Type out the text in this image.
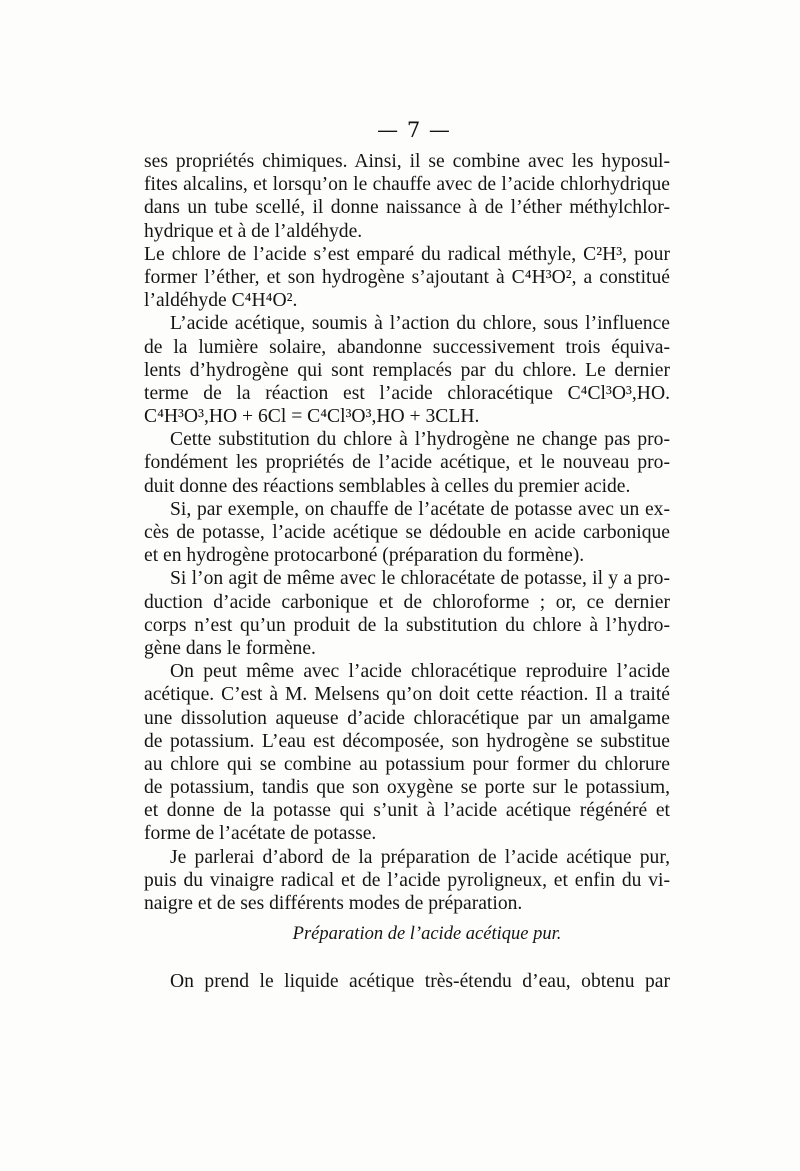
— 7 —
ses propriétés chimiques. Ainsi, il se combine avec les hyposul-
fites alcalins, et lorsqu’on le chauffe avec de l’acide chlorhydrique
dans un tube scellé, il donne naissance à de l’éther méthylchlor-
hydrique et à de l’aldéhyde.
Le chlore de l’acide s’est emparé du radical méthyle, C²H³, pour
former l’éther, et son hydrogène s’ajoutant à C⁴H³O², a constitué
l’aldéhyde C⁴H⁴O².
L’acide acétique, soumis à l’action du chlore, sous l’influence
de la lumière solaire, abandonne successivement trois équiva-
lents d’hydrogène qui sont remplacés par du chlore. Le dernier
terme de la réaction est l’acide chloracétique C⁴Cl³O³,HO.
C⁴H³O³,HO + 6Cl = C⁴Cl³O³,HO + 3CLH.
Cette substitution du chlore à l’hydrogène ne change pas pro-
fondément les propriétés de l’acide acétique, et le nouveau pro-
duit donne des réactions semblables à celles du premier acide.
Si, par exemple, on chauffe de l’acétate de potasse avec un ex-
cès de potasse, l’acide acétique se dédouble en acide carbonique
et en hydrogène protocarboné (préparation du formène).
Si l’on agit de même avec le chloracétate de potasse, il y a pro-
duction d’acide carbonique et de chloroforme ; or, ce dernier
corps n’est qu’un produit de la substitution du chlore à l’hydro-
gène dans le formène.
On peut même avec l’acide chloracétique reproduire l’acide
acétique. C’est à M. Melsens qu’on doit cette réaction. Il a traité
une dissolution aqueuse d’acide chloracétique par un amalgame
de potassium. L’eau est décomposée, son hydrogène se substitue
au chlore qui se combine au potassium pour former du chlorure
de potassium, tandis que son oxygène se porte sur le potassium,
et donne de la potasse qui s’unit à l’acide acétique régénéré et
forme de l’acétate de potasse.
Je parlerai d’abord de la préparation de l’acide acétique pur,
puis du vinaigre radical et de l’acide pyroligneux, et enfin du vi-
naigre et de ses différents modes de préparation.
Préparation de l’acide acétique pur.
On prend le liquide acétique très-étendu d’eau, obtenu par
